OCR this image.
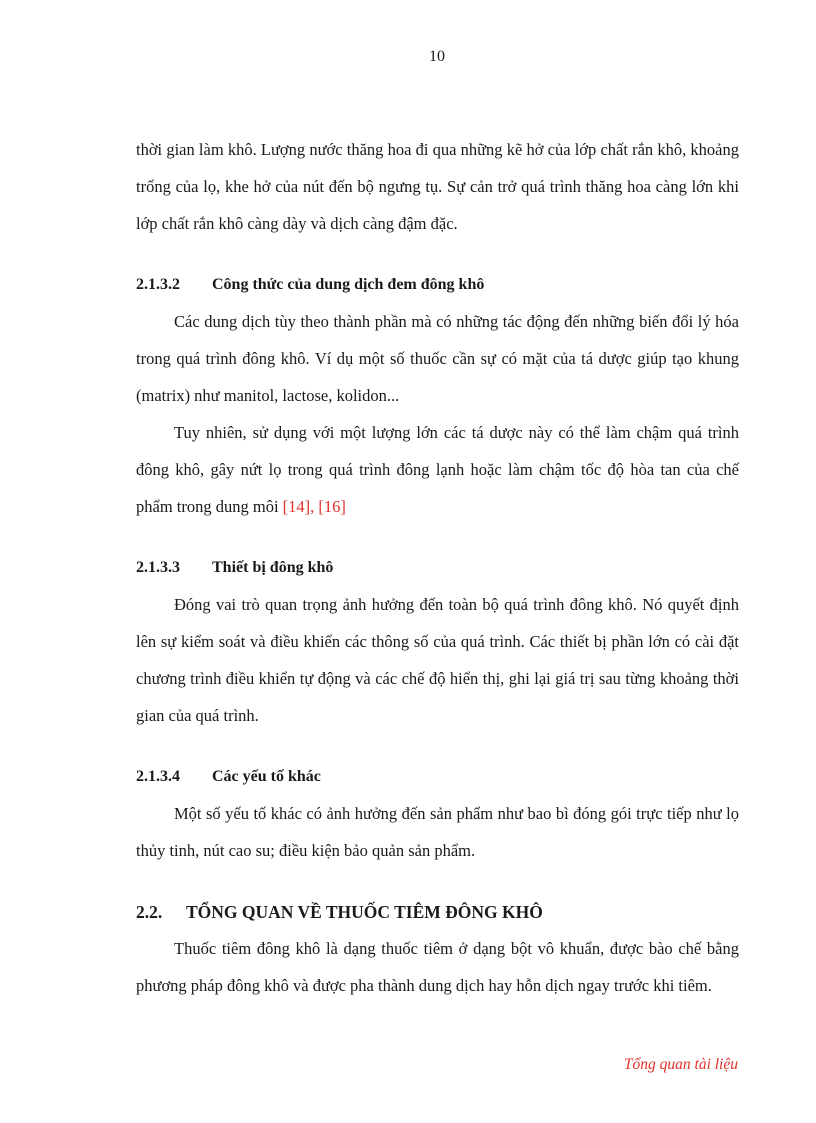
10

thời gian làm khô. Lượng nước thăng hoa đi qua những kẽ hở của lớp chất rắn khô, khoảng trống của lọ, khe hở của nút đến bộ ngưng tụ. Sự cản trở quá trình thăng hoa càng lớn khi lớp chất rắn khô càng dày và dịch càng đậm đặc.

2.1.3.2 Công thức của dung dịch đem đông khô

Các dung dịch tùy theo thành phần mà có những tác động đến những biến đổi lý hóa trong quá trình đông khô. Ví dụ một số thuốc cần sự có mặt của tá dược giúp tạo khung (matrix) như manitol, lactose, kolidon...

Tuy nhiên, sử dụng với một lượng lớn các tá dược này có thể làm chậm quá trình đông khô, gây nứt lọ trong quá trình đông lạnh hoặc làm chậm tốc độ hòa tan của chế phẩm trong dung môi [14], [16]

2.1.3.3 Thiết bị đông khô

Đóng vai trò quan trọng ảnh hưởng đến toàn bộ quá trình đông khô. Nó quyết định lên sự kiểm soát và điều khiển các thông số của quá trình. Các thiết bị phần lớn có cài đặt chương trình điều khiển tự động và các chế độ hiển thị, ghi lại giá trị sau từng khoảng thời gian của quá trình.

2.1.3.4 Các yếu tố khác

Một số yếu tố khác có ảnh hưởng đến sản phẩm như bao bì đóng gói trực tiếp như lọ thủy tinh, nút cao su; điều kiện bảo quản sản phẩm.

2.2. TỔNG QUAN VỀ THUỐC TIÊM ĐÔNG KHÔ

Thuốc tiêm đông khô là dạng thuốc tiêm ở dạng bột vô khuẩn, được bào chế bằng phương pháp đông khô và được pha thành dung dịch hay hỗn dịch ngay trước khi tiêm.

Tổng quan tài liệu
